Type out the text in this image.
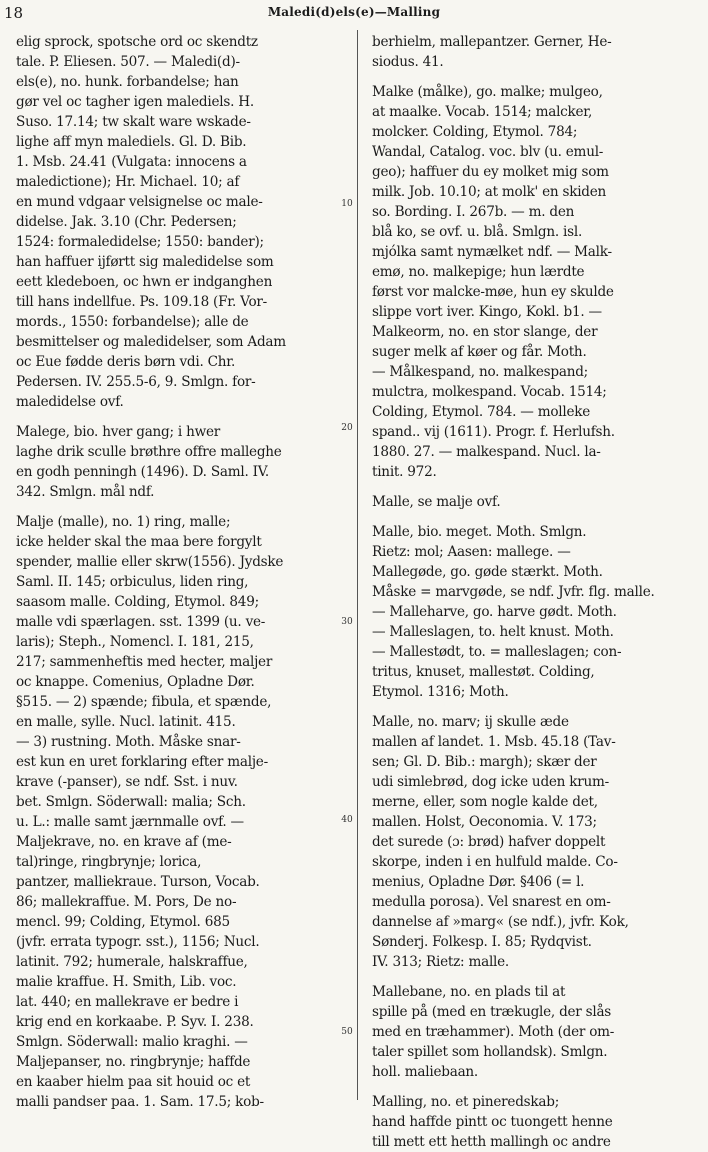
18	Maledi(d)els(e)—Malling
10
20
30
40
50
elig sprock, spotsche ord oc skendtz
tale. P. Eliesen. 507. — Maledi(d)-
els(e), no. hunk. forbandelse; han
gør vel oc tagher igen malediels. H.
Suso. 17.14; tw skalt ware wskade-
lighe aff myn malediels. Gl. D. Bib.
1. Msb. 24.41 (Vulgata: innocens a
maledictione); Hr. Michael. 10; af
en mund vdgaar velsignelse oc male-
didelse. Jak. 3.10 (Chr. Pedersen;
1524: formaledidelse; 1550: bander);
han haffuer ijførtt sig maledidelse som
eett kledeboen, oc hwn er indganghen
till hans indellfue. Ps. 109.18 (Fr. Vor-
mords., 1550: forbandelse); alle de
besmittelser og maledidelser, som Adam
oc Eue fødde deris børn vdi. Chr.
Pedersen. IV. 255.5-6, 9. Smlgn. for-
maledidelse ovf.
Malege, bio. hver gang; i hwer
laghe drik sculle brøthre offre malleghe
en godh penningh (1496). D. Saml. IV.
342. Smlgn. mål ndf.
Malje (malle), no. 1) ring, malle;
icke helder skal the maa bere forgylt
spender, mallie eller skrw(1556). Jydske
Saml. II. 145; orbiculus, liden ring,
saasom malle. Colding, Etymol. 849;
malle vdi spærlagen. sst. 1399 (u. ve-
laris); Steph., Nomencl. I. 181, 215,
217; sammenheftis med hecter, maljer
oc knappe. Comenius, Opladne Dør.
§515. — 2) spænde; fibula, et spænde,
en malle, sylle. Nucl. latinit. 415.
— 3) rustning. Moth. Måske snar-
est kun en uret forklaring efter malje-
krave (-panser), se ndf. Sst. i nuv.
bet. Smlgn. Söderwall: malia; Sch.
u. L.: malle samt jærnmalle ovf. —
Maljekrave, no. en krave af (me-
tal)ringe, ringbrynje; lorica,
pantzer, malliekraue. Turson, Vocab.
86; mallekraffue. M. Pors, De no-
mencl. 99; Colding, Etymol. 685
(jvfr. errata typogr. sst.), 1156; Nucl.
latinit. 792; humerale, halskraffue,
malie kraffue. H. Smith, Lib. voc.
lat. 440; en mallekrave er bedre i
krig end en korkaabe. P. Syv. I. 238.
Smlgn. Söderwall: malio kraghi. —
Maljepanser, no. ringbrynje; haffde
en kaaber hielm paa sit houid oc et
malli pandser paa. 1. Sam. 17.5; kob-
berhielm, mallepantzer. Gerner, He-
siodus. 41.
Malke (målke), go. malke; mulgeo,
at maalke. Vocab. 1514; malcker,
molcker. Colding, Etymol. 784;
Wandal, Catalog. voc. blv (u. emul-
geo); haffuer du ey molket mig som
milk. Job. 10.10; at molk' en skiden
so. Bording. I. 267b. — m. den
blå ko, se ovf. u. blå. Smlgn. isl.
mjólka samt nymælket ndf. — Malk-
emø, no. malkepige; hun lærdte
først vor malcke-møe, hun ey skulde
slippe vort iver. Kingo, Kokl. b1. —
Malkeorm, no. en stor slange, der
suger melk af køer og får. Moth.
— Målkespand, no. malkespand;
mulctra, molkespand. Vocab. 1514;
Colding, Etymol. 784. — molleke
spand.. vij (1611). Progr. f. Herlufsh.
1880. 27. — malkespand. Nucl. la-
tinit. 972.
Malle, se malje ovf.
Malle, bio. meget. Moth. Smlgn.
Rietz: mol; Aasen: mallege. —
Mallegøde, go. gøde stærkt. Moth.
Måske = marvgøde, se ndf. Jvfr. flg. malle.
— Malleharve, go. harve gødt. Moth.
— Malleslagen, to. helt knust. Moth.
— Mallestødt, to. = malleslagen; con-
tritus, knuset, mallestøt. Colding,
Etymol. 1316; Moth.
Malle, no. marv; ij skulle æde
mallen af landet. 1. Msb. 45.18 (Tav-
sen; Gl. D. Bib.: margh); skær der
udi simlebrød, dog icke uden krum-
merne, eller, som nogle kalde det,
mallen. Holst, Oeconomia. V. 173;
det surede (ɔ: brød) hafver doppelt
skorpe, inden i en hulfuld malde. Co-
menius, Opladne Dør. §406 (= l.
medulla porosa). Vel snarest en om-
dannelse af »marg« (se ndf.), jvfr. Kok,
Sønderj. Folkesp. I. 85; Rydqvist.
IV. 313; Rietz: malle.
Mallebane, no. en plads til at
spille på (med en trækugle, der slås
med en træhammer). Moth (der om-
taler spillet som hollandsk). Smlgn.
holl. maliebaan.
Malling, no. et pineredskab;
hand haffde pintt oc tuongett henne
till mett ett hetth mallingh oc andre
